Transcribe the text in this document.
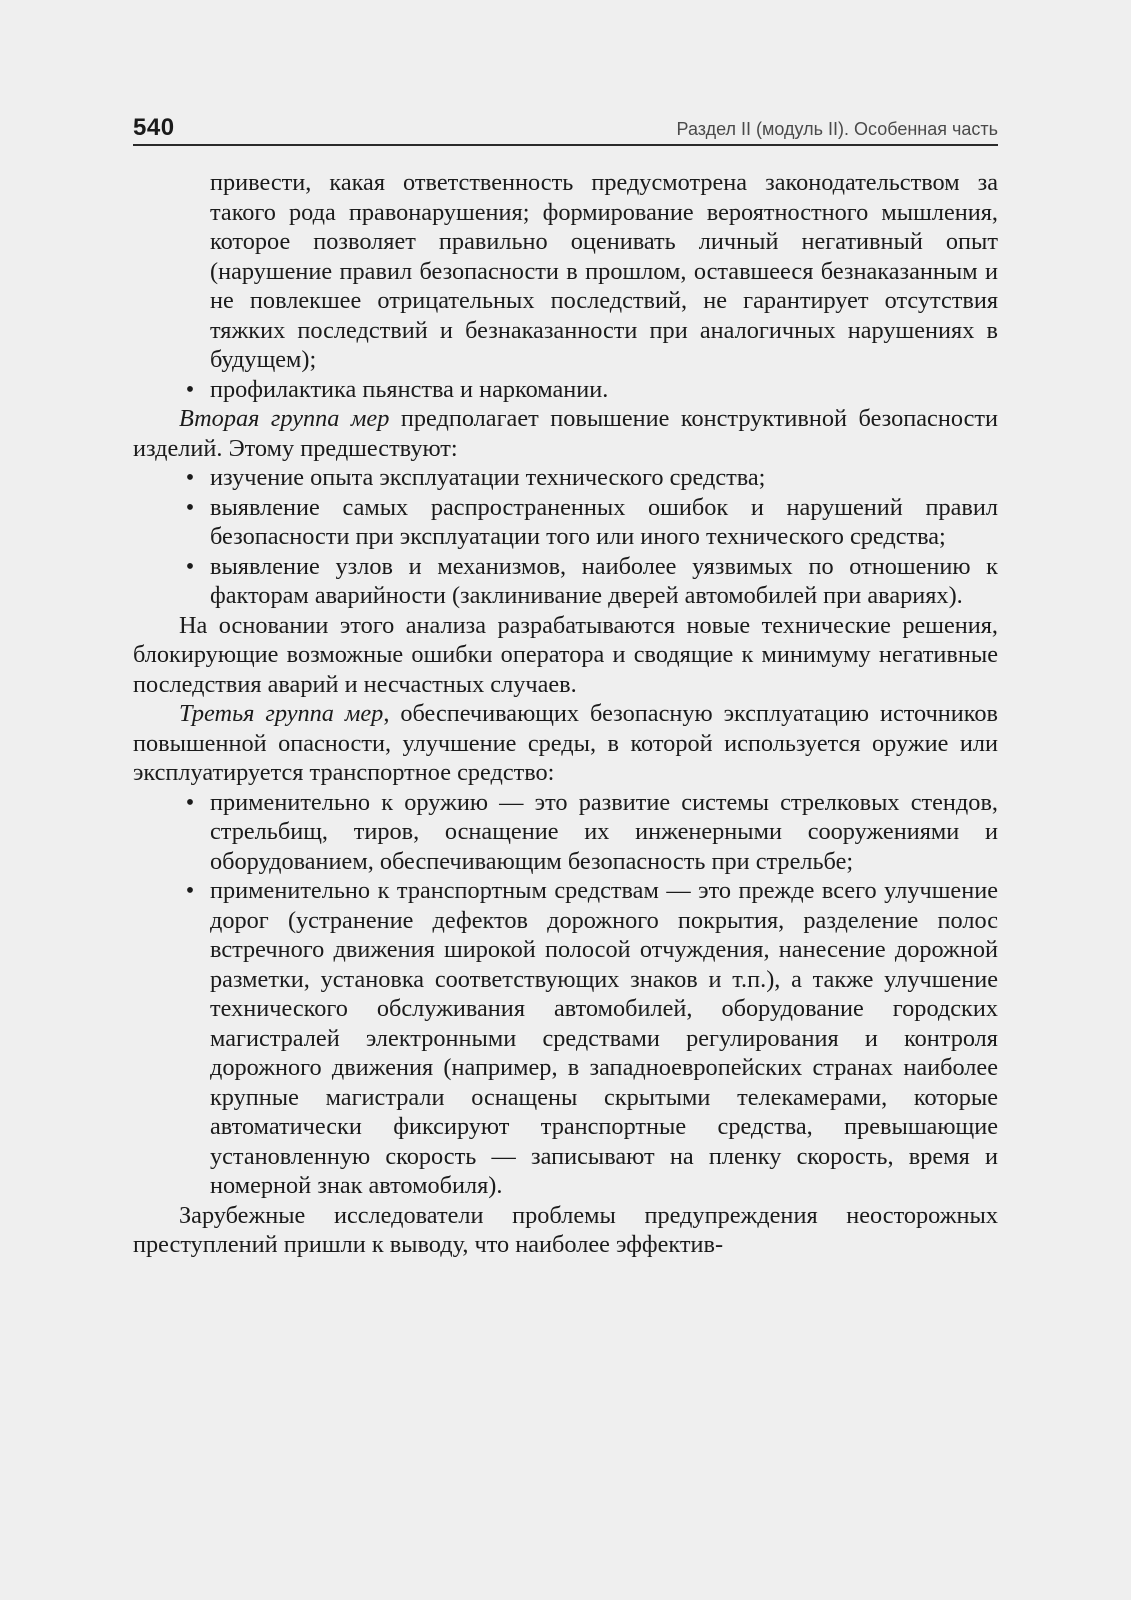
540	Раздел II (модуль II). Особенная часть

привести, какая ответственность предусмотрена законодательством за такого рода правонарушения; формирование вероятностного мышления, которое позволяет правильно оценивать личный негативный опыт (нарушение правил безопасности в прошлом, оставшееся безнаказанным и не повлекшее отрицательных последствий, не гарантирует отсутствия тяжких последствий и безнаказанности при аналогичных нарушениях в будущем);

• профилактика пьянства и наркомании.

Вторая группа мер предполагает повышение конструктивной безопасности изделий. Этому предшествуют:

• изучение опыта эксплуатации технического средства;
• выявление самых распространенных ошибок и нарушений правил безопасности при эксплуатации того или иного технического средства;
• выявление узлов и механизмов, наиболее уязвимых по отношению к факторам аварийности (заклинивание дверей автомобилей при авариях).

На основании этого анализа разрабатываются новые технические решения, блокирующие возможные ошибки оператора и сводящие к минимуму негативные последствия аварий и несчастных случаев.

Третья группа мер, обеспечивающих безопасную эксплуатацию источников повышенной опасности, улучшение среды, в которой используется оружие или эксплуатируется транспортное средство:

• применительно к оружию — это развитие системы стрелковых стендов, стрельбищ, тиров, оснащение их инженерными сооружениями и оборудованием, обеспечивающим безопасность при стрельбе;
• применительно к транспортным средствам — это прежде всего улучшение дорог (устранение дефектов дорожного покрытия, разделение полос встречного движения широкой полосой отчуждения, нанесение дорожной разметки, установка соответствующих знаков и т.п.), а также улучшение технического обслуживания автомобилей, оборудование городских магистралей электронными средствами регулирования и контроля дорожного движения (например, в западноевропейских странах наиболее крупные магистрали оснащены скрытыми телекамерами, которые автоматически фиксируют транспортные средства, превышающие установленную скорость — записывают на пленку скорость, время и номерной знак автомобиля).

Зарубежные исследователи проблемы предупреждения неосторожных преступлений пришли к выводу, что наиболее эффектив-
